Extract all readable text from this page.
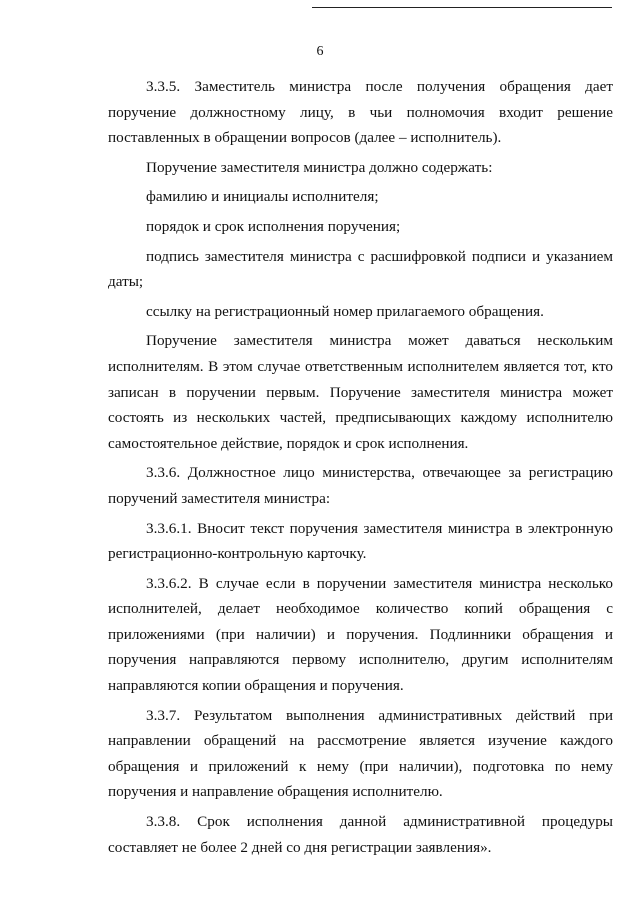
6

3.3.5. Заместитель министра после получения обращения дает поручение должностному лицу, в чьи полномочия входит решение поставленных в обращении вопросов (далее – исполнитель).

Поручение заместителя министра должно содержать:

фамилию и инициалы исполнителя;

порядок и срок исполнения поручения;

подпись заместителя министра с расшифровкой подписи и указанием даты;

ссылку на регистрационный номер прилагаемого обращения.

Поручение заместителя министра может даваться нескольким исполнителям. В этом случае ответственным исполнителем является тот, кто записан в поручении первым. Поручение заместителя министра может состоять из нескольких частей, предписывающих каждому исполнителю самостоятельное действие, порядок и срок исполнения.

3.3.6. Должностное лицо министерства, отвечающее за регистрацию поручений заместителя министра:

3.3.6.1. Вносит текст поручения заместителя министра в электронную регистрационно-контрольную карточку.

3.3.6.2. В случае если в поручении заместителя министра несколько исполнителей, делает необходимое количество копий обращения с приложениями (при наличии) и поручения. Подлинники обращения и поручения направляются первому исполнителю, другим исполнителям направляются копии обращения и поручения.

3.3.7. Результатом выполнения административных действий при направлении обращений на рассмотрение является изучение каждого обращения и приложений к нему (при наличии), подготовка по нему поручения и направление обращения исполнителю.

3.3.8. Срок исполнения данной административной процедуры составляет не более 2 дней со дня регистрации заявления».
